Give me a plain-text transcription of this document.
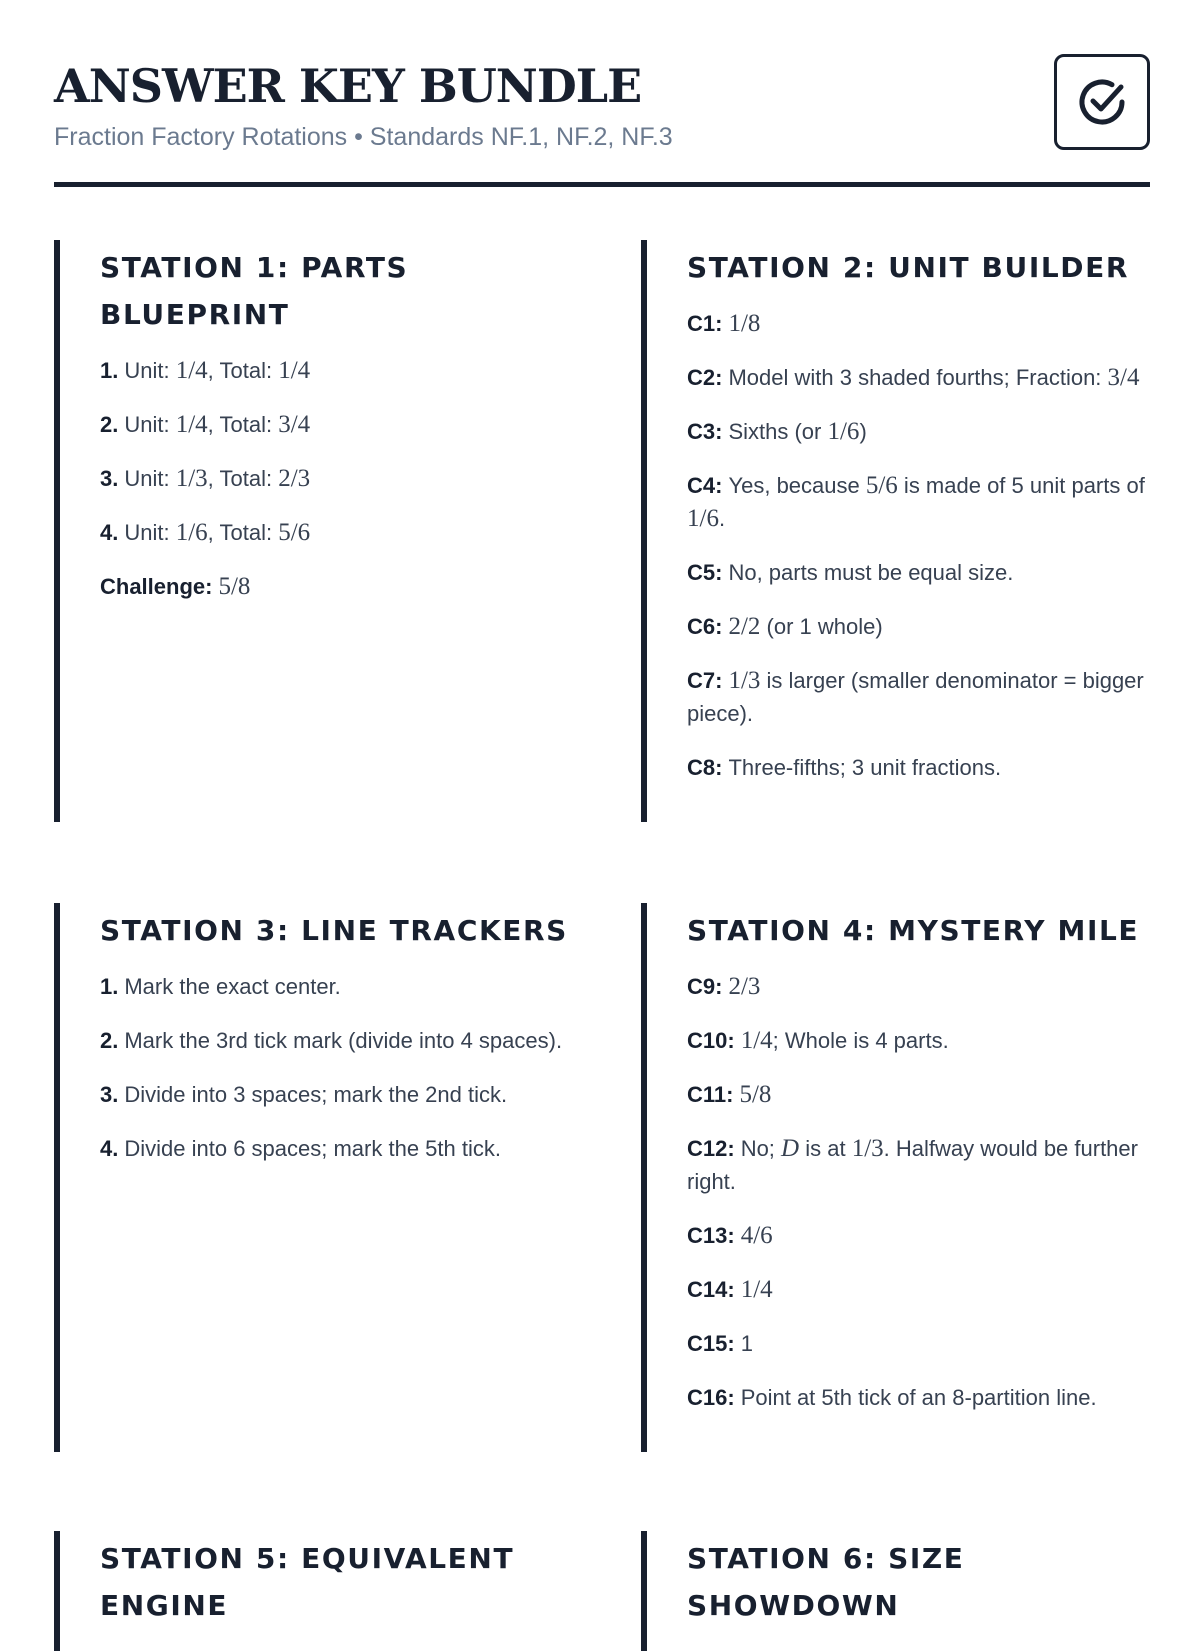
ANSWER KEY BUNDLE
Fraction Factory Rotations • Standards NF.1, NF.2, NF.3
STATION 1: PARTS BLUEPRINT
1. Unit: 1/4, Total: 1/4
2. Unit: 1/4, Total: 3/4
3. Unit: 1/3, Total: 2/3
4. Unit: 1/6, Total: 5/6
Challenge: 5/8
STATION 2: UNIT BUILDER
C1: 1/8
C2: Model with 3 shaded fourths; Fraction: 3/4
C3: Sixths (or 1/6)
C4: Yes, because 5/6 is made of 5 unit parts of 1/6.
C5: No, parts must be equal size.
C6: 2/2 (or 1 whole)
C7: 1/3 is larger (smaller denominator = bigger piece).
C8: Three-fifths; 3 unit fractions.
STATION 3: LINE TRACKERS
1. Mark the exact center.
2. Mark the 3rd tick mark (divide into 4 spaces).
3. Divide into 3 spaces; mark the 2nd tick.
4. Divide into 6 spaces; mark the 5th tick.
STATION 4: MYSTERY MILE
C9: 2/3
C10: 1/4; Whole is 4 parts.
C11: 5/8
C12: No; D is at 1/3. Halfway would be further right.
C13: 4/6
C14: 1/4
C15: 1
C16: Point at 5th tick of an 8-partition line.
STATION 5: EQUIVALENT ENGINE
STATION 6: SIZE SHOWDOWN
